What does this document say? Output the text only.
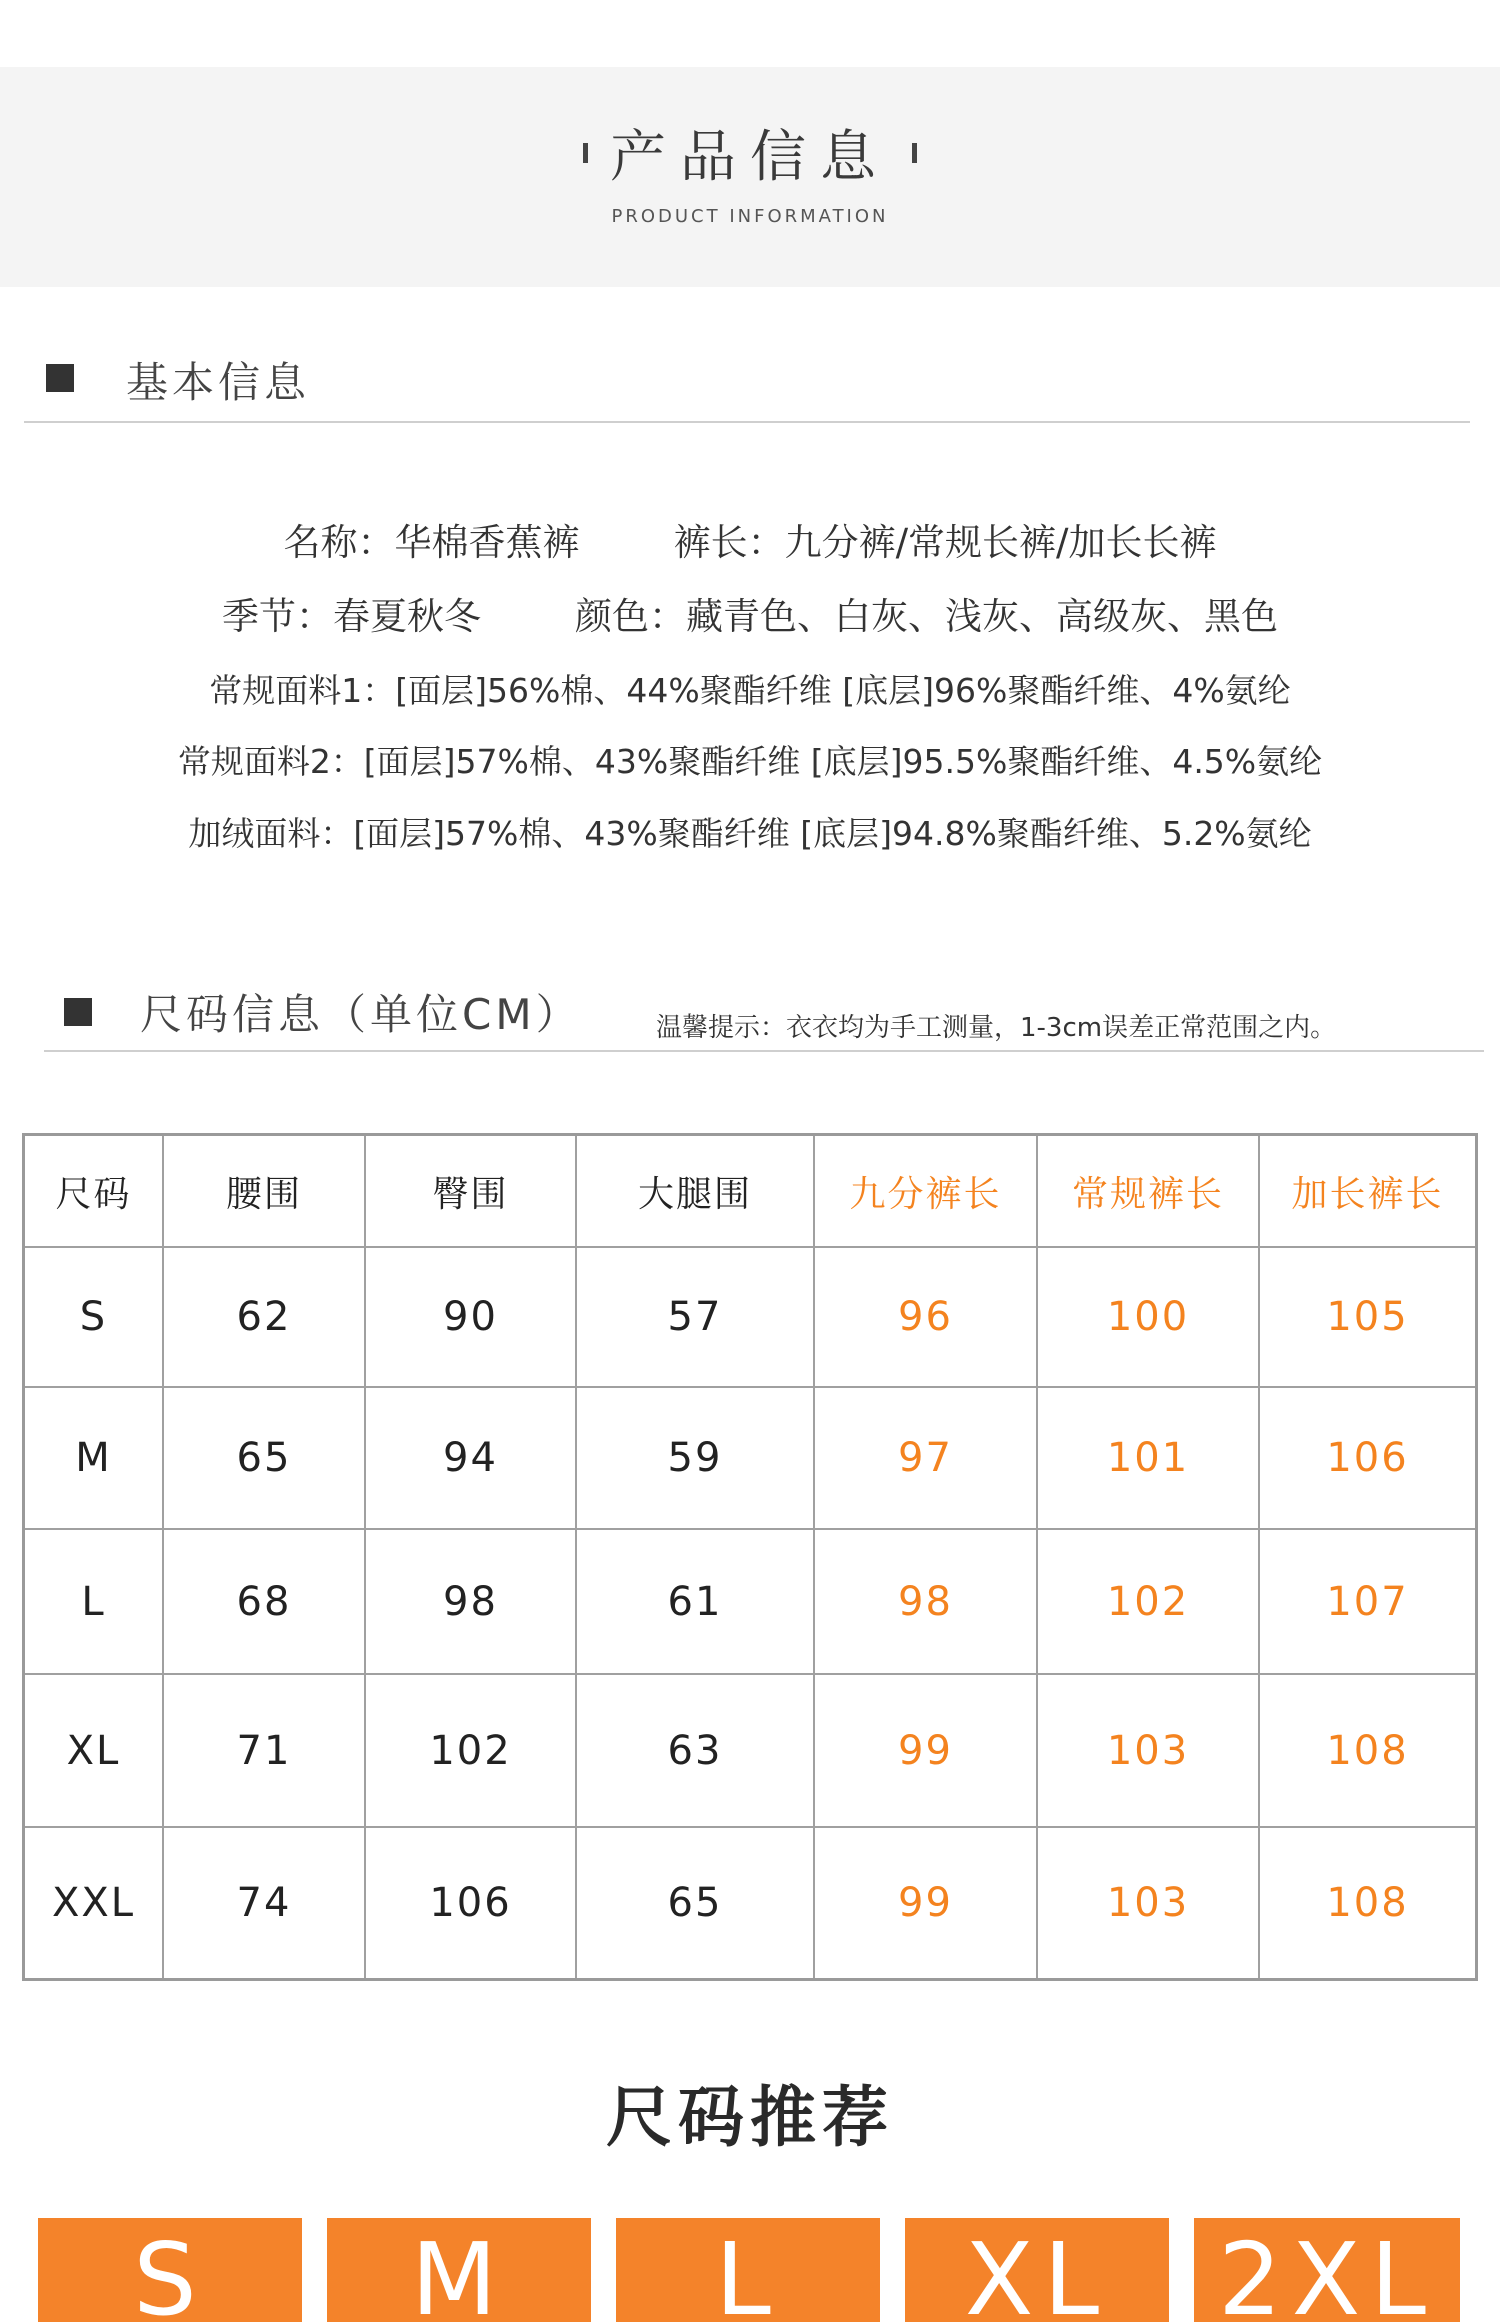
产品信息
PRODUCT INFORMATION
基本信息
名称：华棉香蕉裤        裤长：九分裤/常规长裤/加长长裤
季节：春夏秋冬        颜色：藏青色、白灰、浅灰、高级灰、黑色
常规面料1：[面层]56%棉、44%聚酯纤维 [底层]96%聚酯纤维、4%氨纶
常规面料2：[面层]57%棉、43%聚酯纤维 [底层]95.5%聚酯纤维、4.5%氨纶
加绒面料：[面层]57%棉、43%聚酯纤维 [底层]94.8%聚酯纤维、5.2%氨纶
尺码信息（单位CM）	温馨提示：衣衣均为手工测量，1-3cm误差正常范围之内。
尺码	腰围	臀围	大腿围	九分裤长	常规裤长	加长裤长
S	62	90	57	96	100	105
M	65	94	59	97	101	106
L	68	98	61	98	102	107
XL	71	102	63	99	103	108
XXL	74	106	65	99	103	108
尺码推荐
S M L XL 2XL
